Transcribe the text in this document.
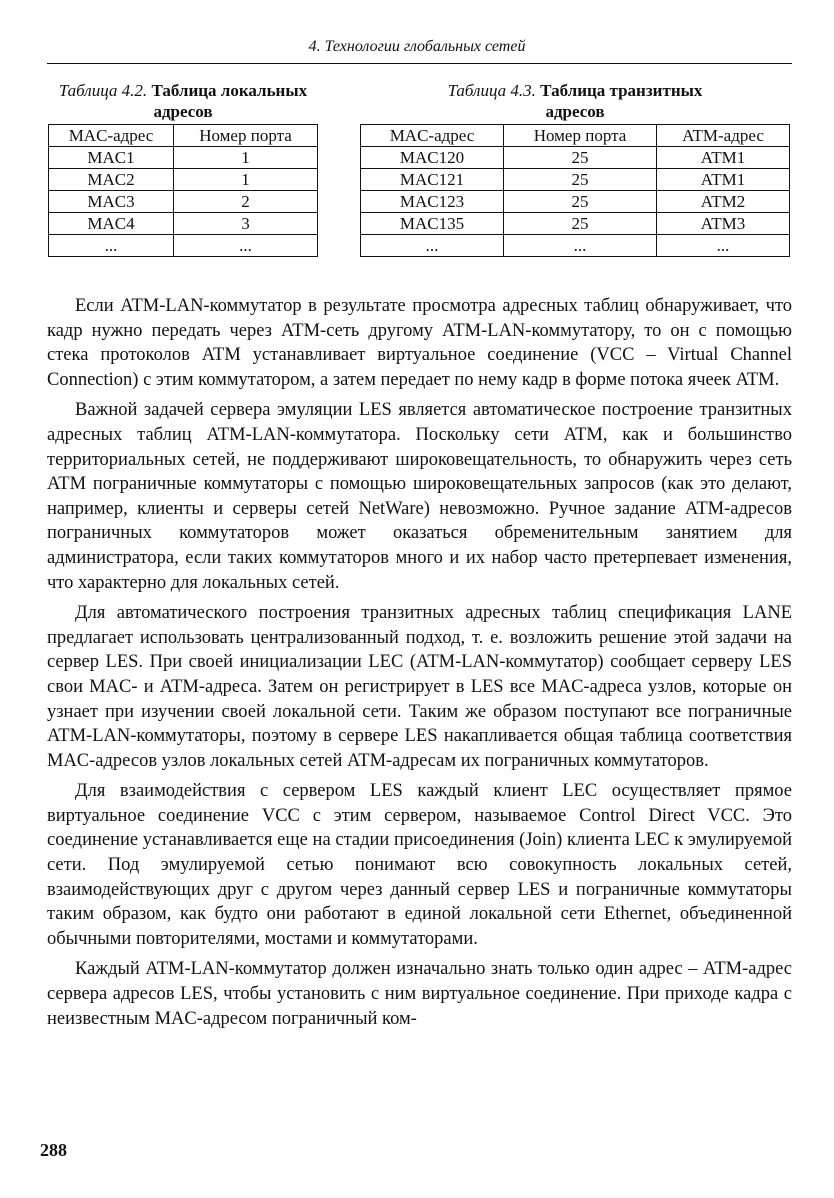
4. Технологии глобальных сетей
Таблица 4.2. Таблица локальных адресов
MAC-адрес	Номер порта
MAC1	1
MAC2	1
MAC3	2
MAC4	3
...	...
Таблица 4.3. Таблица транзитных адресов
MAC-адрес	Номер порта	ATM-адрес
MAC120	25	ATM1
MAC121	25	ATM1
MAC123	25	ATM2
MAC135	25	ATM3
...	...	...

Если ATM-LAN-коммутатор в результате просмотра адресных таблиц обнаруживает, что кадр нужно передать через ATM-сеть другому ATM-LAN-коммутатору, то он с помощью стека протоколов ATM устанавливает виртуальное соединение (VCC – Virtual Channel Connection) с этим коммутатором, а затем передает по нему кадр в форме потока ячеек ATM.

Важной задачей сервера эмуляции LES является автоматическое построение транзитных адресных таблиц ATM-LAN-коммутатора. Поскольку сети ATM, как и большинство территориальных сетей, не поддерживают широковещательность, то обнаружить через сеть ATM пограничные коммутаторы с помощью широковещательных запросов (как это делают, например, клиенты и серверы сетей NetWare) невозможно. Ручное задание ATM-адресов пограничных коммутаторов может оказаться обременительным занятием для администратора, если таких коммутаторов много и их набор часто претерпевает изменения, что характерно для локальных сетей.

Для автоматического построения транзитных адресных таблиц спецификация LANE предлагает использовать централизованный подход, т. е. возложить решение этой задачи на сервер LES. При своей инициализации LEC (ATM-LAN-коммутатор) сообщает серверу LES свои MAC- и ATM-адреса. Затем он регистрирует в LES все MAC-адреса узлов, которые он узнает при изучении своей локальной сети. Таким же образом поступают все пограничные ATM-LAN-коммутаторы, поэтому в сервере LES накапливается общая таблица соответствия MAC-адресов узлов локальных сетей ATM-адресам их пограничных коммутаторов.

Для взаимодействия с сервером LES каждый клиент LEC осуществляет прямое виртуальное соединение VCC с этим сервером, называемое Control Direct VCC. Это соединение устанавливается еще на стадии присоединения (Join) клиента LEC к эмулируемой сети. Под эмулируемой сетью понимают всю совокупность локальных сетей, взаимодействующих друг с другом через данный сервер LES и пограничные коммутаторы таким образом, как будто они работают в единой локальной сети Ethernet, объединенной обычными повторителями, мостами и коммутаторами.

Каждый ATM-LAN-коммутатор должен изначально знать только один адрес – ATM-адрес сервера адресов LES, чтобы установить с ним виртуальное соединение. При приходе кадра с неизвестным MAC-адресом пограничный ком-

288
